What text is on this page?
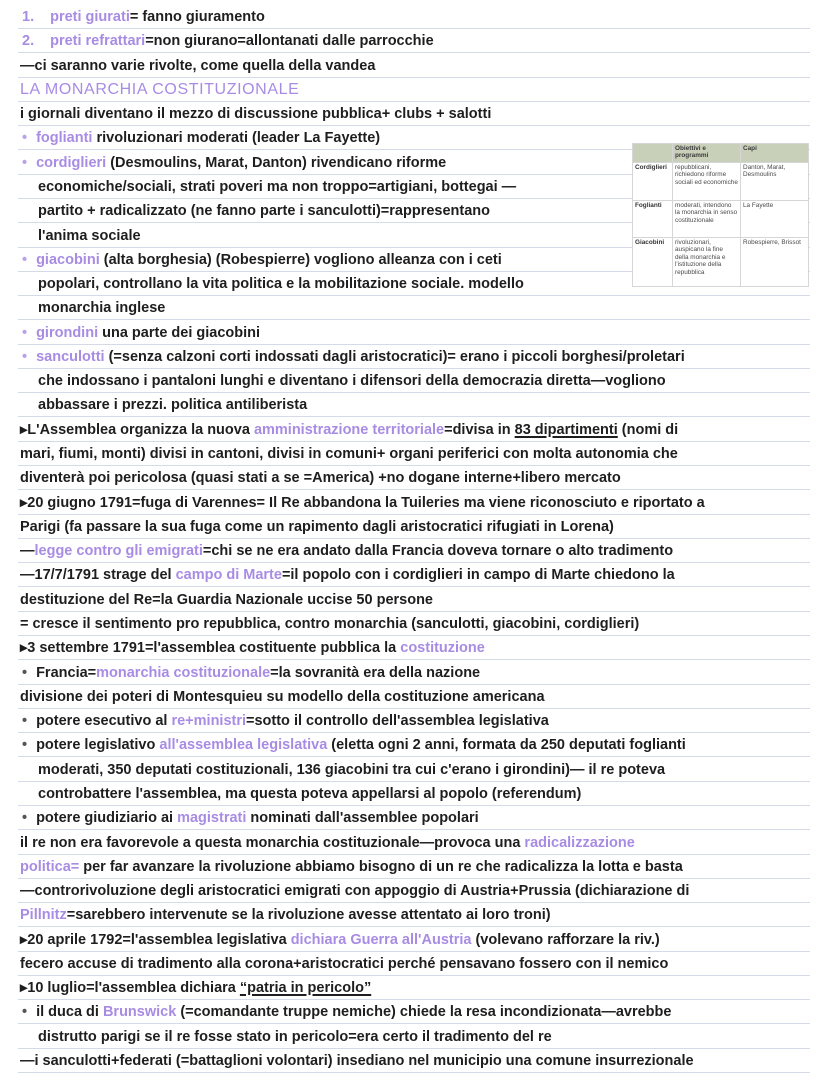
	Obiettivi e programmi	Capi
Cordiglieri	repubblicani, richiedono riforme sociali ed economiche	Danton, Marat, Desmoulins
Foglianti	moderati, intendono la monarchia in senso costituzionale	La Fayette
Giacobini	rivoluzionari, auspicano la fine della monarchia e l'istituzione della repubblica	Robespierre, Brissot
1. preti giurati= fanno giuramento
2. preti refrattari=non giurano=allontanati dalle parrocchie
—ci saranno varie rivolte, come quella della vandea
LA MONARCHIA COSTITUZIONALE
i giornali diventano il mezzo di discussione pubblica+ clubs + salotti
• foglianti rivoluzionari moderati (leader La Fayette)
• cordiglieri (Desmoulins, Marat, Danton) rivendicano riforme
economiche/sociali, strati poveri ma non troppo=artigiani, bottegai —
partito + radicalizzato (ne fanno parte i sanculotti)=rappresentano
l'anima sociale
• giacobini (alta borghesia) (Robespierre) vogliono alleanza con i ceti
popolari, controllano la vita politica e la mobilitazione sociale. modello
monarchia inglese
• girondini una parte dei giacobini
• sanculotti (=senza calzoni corti indossati dagli aristocratici)= erano i piccoli borghesi/proletari
che indossano i pantaloni lunghi e diventano i difensori della democrazia diretta—vogliono
abbassare i prezzi. politica antiliberista
▸L'Assemblea organizza la nuova amministrazione territoriale=divisa in 83 dipartimenti (nomi di
mari, fiumi, monti) divisi in cantoni, divisi in comuni+ organi periferici con molta autonomia che
diventerà poi pericolosa (quasi stati a se =America) +no dogane interne+libero mercato
▸20 giugno 1791=fuga di Varennes= Il Re abbandona la Tuileries ma viene riconosciuto e riportato a
Parigi (fa passare la sua fuga come un rapimento dagli aristocratici rifugiati in Lorena)
—legge contro gli emigrati=chi se ne era andato dalla Francia doveva tornare o alto tradimento
—17/7/1791 strage del campo di Marte=il popolo con i cordiglieri in campo di Marte chiedono la
destituzione del Re=la Guardia Nazionale uccise 50 persone
= cresce il sentimento pro repubblica, contro monarchia (sanculotti, giacobini, cordiglieri)
▸3 settembre 1791=l'assemblea costituente pubblica la costituzione
• Francia=monarchia costituzionale=la sovranità era della nazione
divisione dei poteri di Montesquieu su modello della costituzione americana
• potere esecutivo al re+ministri=sotto il controllo dell'assemblea legislativa
• potere legislativo all'assemblea legislativa (eletta ogni 2 anni, formata da 250 deputati foglianti
moderati, 350 deputati costituzionali, 136 giacobini tra cui c'erano i girondini)— il re poteva
controbattere l'assemblea, ma questa poteva appellarsi al popolo (referendum)
• potere giudiziario ai magistrati nominati dall'assemblee popolari
il re non era favorevole a questa monarchia costituzionale—provoca una radicalizzazione
politica= per far avanzare la rivoluzione abbiamo bisogno di un re che radicalizza la lotta e basta
—controrivoluzione degli aristocratici emigrati con appoggio di Austria+Prussia (dichiarazione di
Pillnitz=sarebbero intervenute se la rivoluzione avesse attentato ai loro troni)
▸20 aprile 1792=l'assemblea legislativa dichiara Guerra all'Austria (volevano rafforzare la riv.)
fecero accuse di tradimento alla corona+aristocratici perché pensavano fossero con il nemico
▸10 luglio=l'assemblea dichiara “patria in pericolo”
• il duca di Brunswick (=comandante truppe nemiche) chiede la resa incondizionata—avrebbe
distrutto parigi se il re fosse stato in pericolo=era certo il tradimento del re
—i sanculotti+federati (=battaglioni volontari) insediano nel municipio una comune insurrezionale
